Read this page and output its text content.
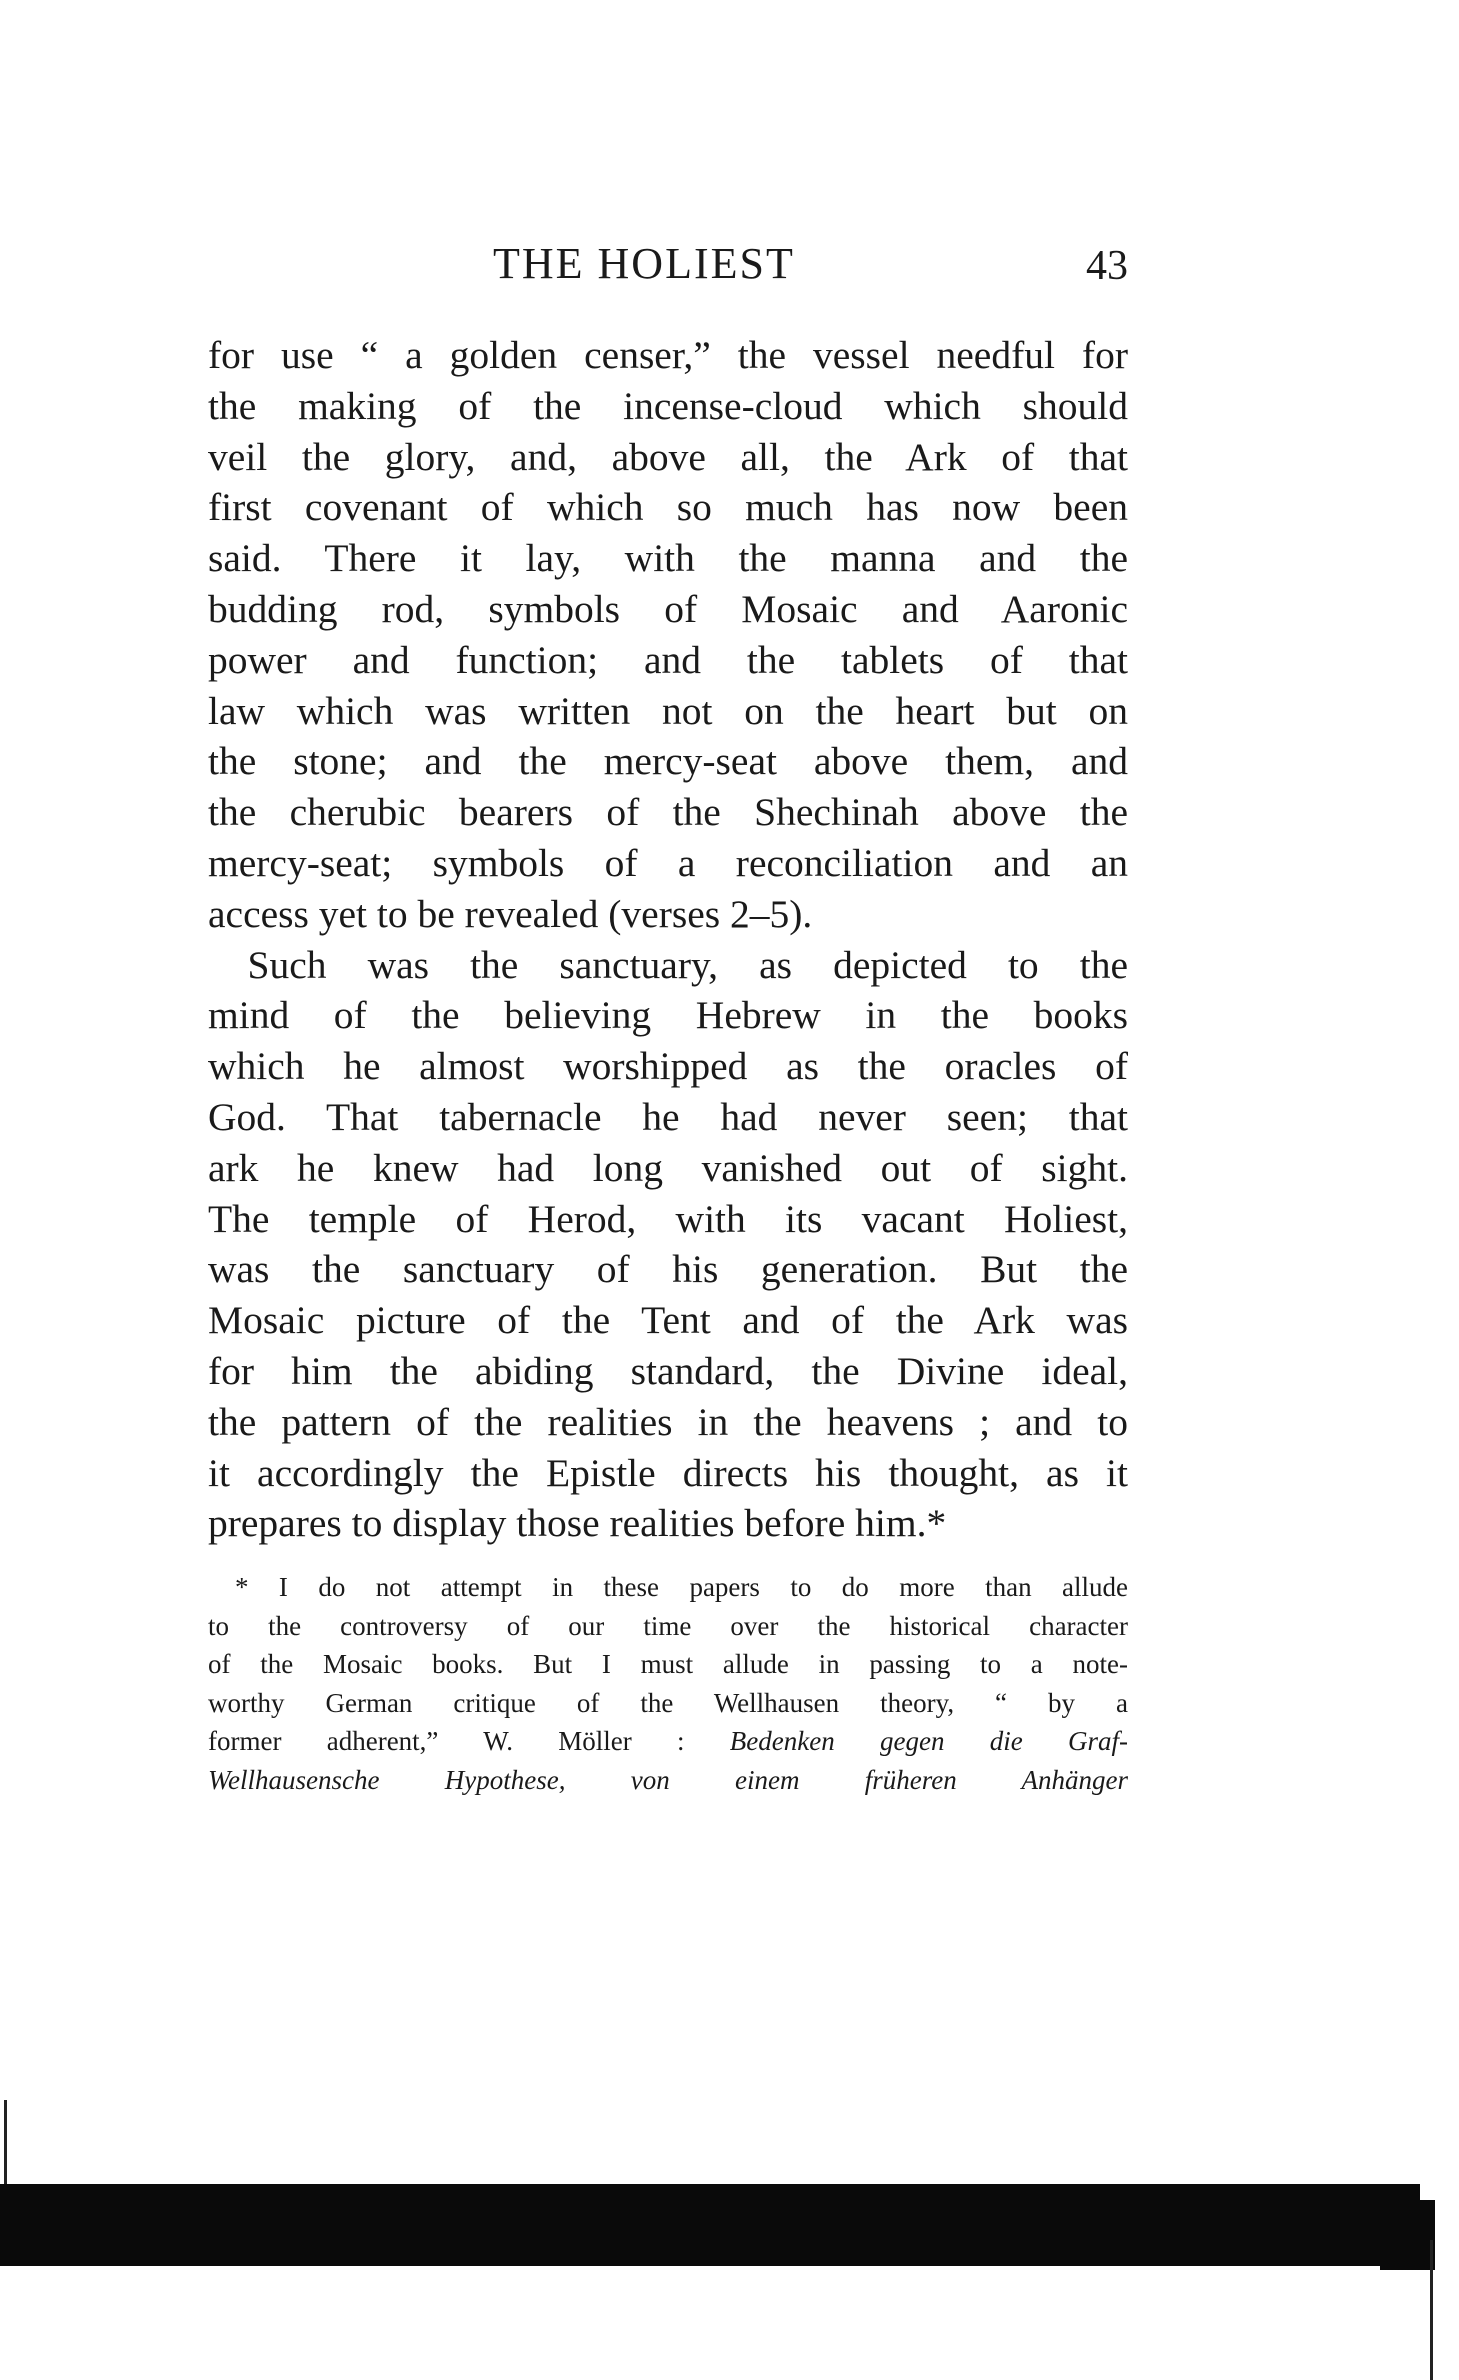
THE HOLIEST	43
for use “ a golden censer,” the vessel needful for
the making of the incense-cloud which should
veil the glory, and, above all, the Ark of that
first covenant of which so much has now been
said. There it lay, with the manna and the
budding rod, symbols of Mosaic and Aaronic
power and function; and the tablets of that
law which was written not on the heart but on
the stone; and the mercy-seat above them, and
the cherubic bearers of the Shechinah above the
mercy-seat; symbols of a reconciliation and an
access yet to be revealed (verses 2–5).
 Such was the sanctuary, as depicted to the
mind of the believing Hebrew in the books
which he almost worshipped as the oracles of
God. That tabernacle he had never seen; that
ark he knew had long vanished out of sight.
The temple of Herod, with its vacant Holiest,
was the sanctuary of his generation. But the
Mosaic picture of the Tent and of the Ark was
for him the abiding standard, the Divine ideal,
the pattern of the realities in the heavens ; and to
it accordingly the Epistle directs his thought, as it
prepares to display those realities before him.*
 * I do not attempt in these papers to do more than allude
to the controversy of our time over the historical character
of the Mosaic books. But I must allude in passing to a note-
worthy German critique of the Wellhausen theory, “ by a
former adherent,” W. Möller : Bedenken gegen die Graf-
Wellhausensche Hypothese, von einem früheren Anhänger
